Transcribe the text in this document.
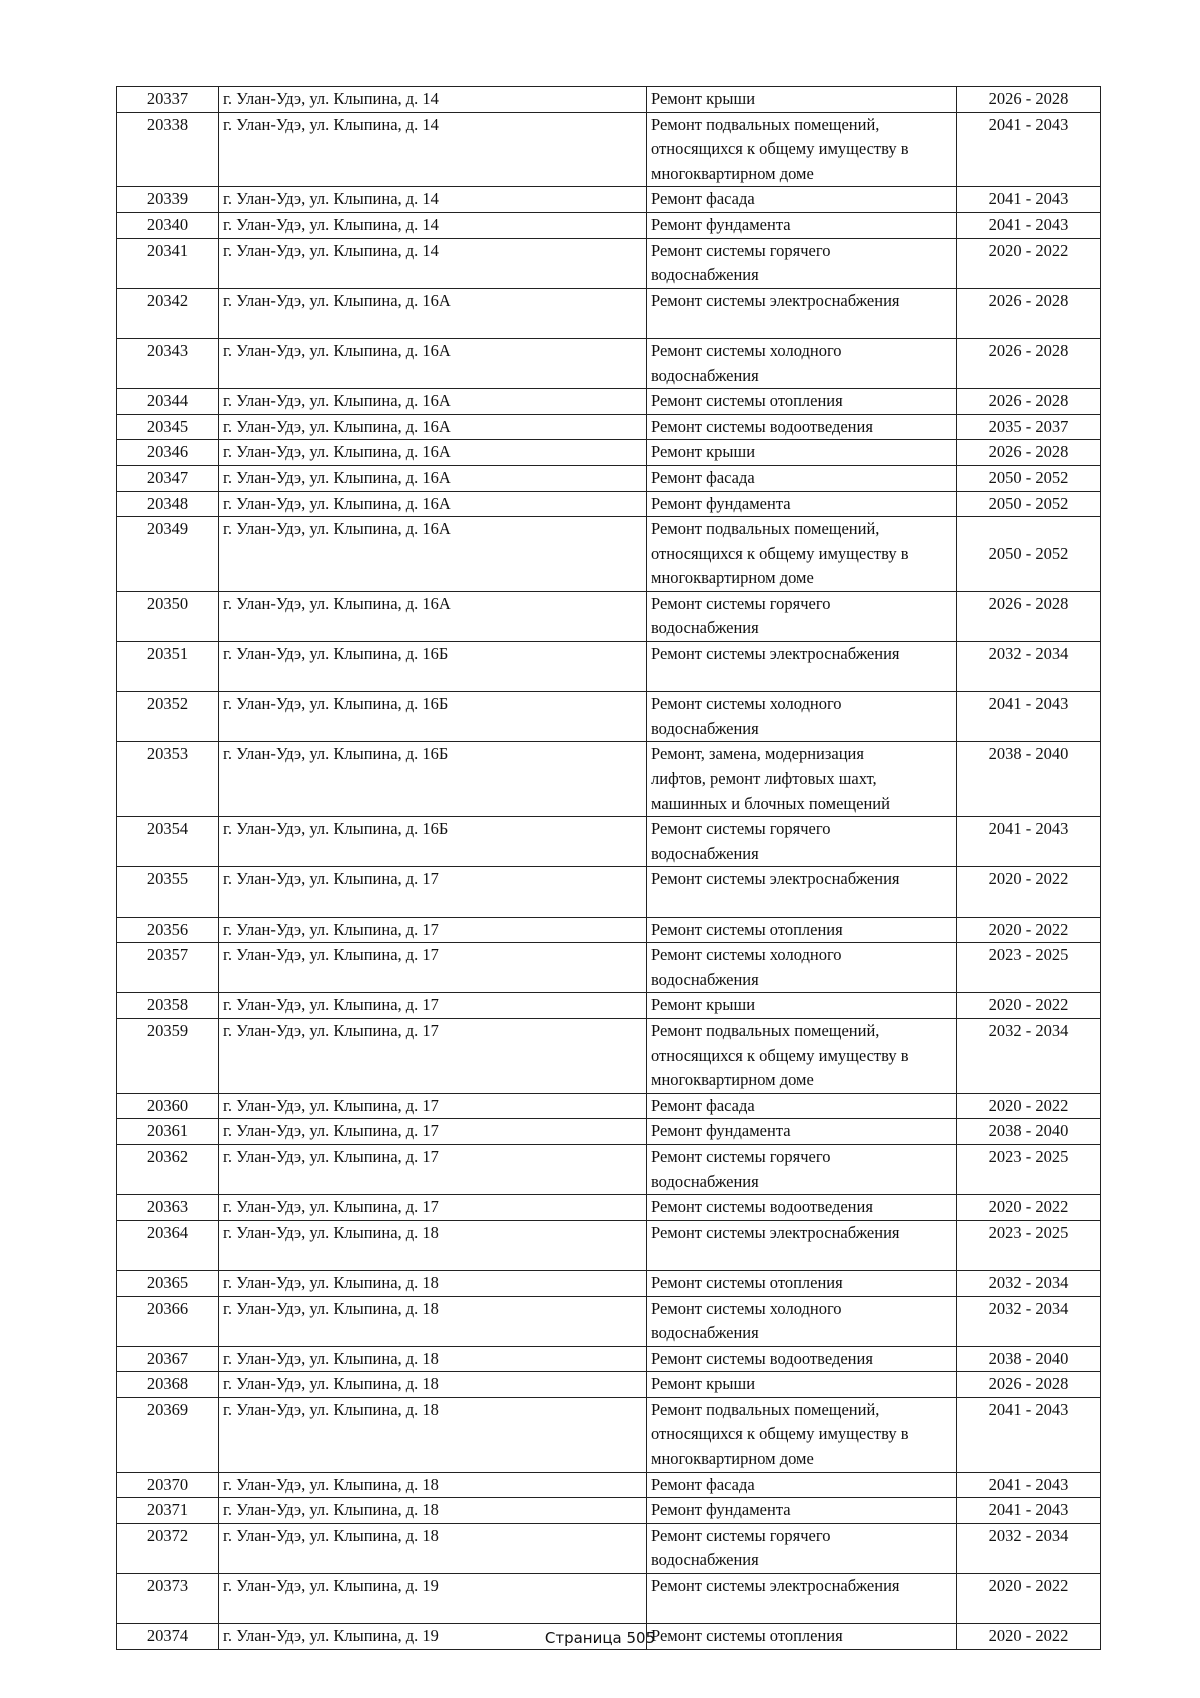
20337	г. Улан-Удэ, ул. Клыпина, д. 14	Ремонт крыши	2026 - 2028
20338	г. Улан-Удэ, ул. Клыпина, д. 14	Ремонт подвальных помещений,
относящихся к общему имуществу в
многоквартирном доме	2041 - 2043
20339	г. Улан-Удэ, ул. Клыпина, д. 14	Ремонт фасада	2041 - 2043
20340	г. Улан-Удэ, ул. Клыпина, д. 14	Ремонт фундамента	2041 - 2043
20341	г. Улан-Удэ, ул. Клыпина, д. 14	Ремонт системы горячего
водоснабжения	2020 - 2022
20342	г. Улан-Удэ, ул. Клыпина, д. 16А	Ремонт системы электроснабжения	2026 - 2028
20343	г. Улан-Удэ, ул. Клыпина, д. 16А	Ремонт системы холодного
водоснабжения	2026 - 2028
20344	г. Улан-Удэ, ул. Клыпина, д. 16А	Ремонт системы отопления	2026 - 2028
20345	г. Улан-Удэ, ул. Клыпина, д. 16А	Ремонт системы водоотведения	2035 - 2037
20346	г. Улан-Удэ, ул. Клыпина, д. 16А	Ремонт крыши	2026 - 2028
20347	г. Улан-Удэ, ул. Клыпина, д. 16А	Ремонт фасада	2050 - 2052
20348	г. Улан-Удэ, ул. Клыпина, д. 16А	Ремонт фундамента	2050 - 2052
20349	г. Улан-Удэ, ул. Клыпина, д. 16А	Ремонт подвальных помещений,
относящихся к общему имуществу в
многоквартирном доме	2050 - 2052
20350	г. Улан-Удэ, ул. Клыпина, д. 16А	Ремонт системы горячего
водоснабжения	2026 - 2028
20351	г. Улан-Удэ, ул. Клыпина, д. 16Б	Ремонт системы электроснабжения	2032 - 2034
20352	г. Улан-Удэ, ул. Клыпина, д. 16Б	Ремонт системы холодного
водоснабжения	2041 - 2043
20353	г. Улан-Удэ, ул. Клыпина, д. 16Б	Ремонт, замена, модернизация
лифтов, ремонт лифтовых шахт,
машинных и блочных помещений	2038 - 2040
20354	г. Улан-Удэ, ул. Клыпина, д. 16Б	Ремонт системы горячего
водоснабжения	2041 - 2043
20355	г. Улан-Удэ, ул. Клыпина, д. 17	Ремонт системы электроснабжения	2020 - 2022
20356	г. Улан-Удэ, ул. Клыпина, д. 17	Ремонт системы отопления	2020 - 2022
20357	г. Улан-Удэ, ул. Клыпина, д. 17	Ремонт системы холодного
водоснабжения	2023 - 2025
20358	г. Улан-Удэ, ул. Клыпина, д. 17	Ремонт крыши	2020 - 2022
20359	г. Улан-Удэ, ул. Клыпина, д. 17	Ремонт подвальных помещений,
относящихся к общему имуществу в
многоквартирном доме	2032 - 2034
20360	г. Улан-Удэ, ул. Клыпина, д. 17	Ремонт фасада	2020 - 2022
20361	г. Улан-Удэ, ул. Клыпина, д. 17	Ремонт фундамента	2038 - 2040
20362	г. Улан-Удэ, ул. Клыпина, д. 17	Ремонт системы горячего
водоснабжения	2023 - 2025
20363	г. Улан-Удэ, ул. Клыпина, д. 17	Ремонт системы водоотведения	2020 - 2022
20364	г. Улан-Удэ, ул. Клыпина, д. 18	Ремонт системы электроснабжения	2023 - 2025
20365	г. Улан-Удэ, ул. Клыпина, д. 18	Ремонт системы отопления	2032 - 2034
20366	г. Улан-Удэ, ул. Клыпина, д. 18	Ремонт системы холодного
водоснабжения	2032 - 2034
20367	г. Улан-Удэ, ул. Клыпина, д. 18	Ремонт системы водоотведения	2038 - 2040
20368	г. Улан-Удэ, ул. Клыпина, д. 18	Ремонт крыши	2026 - 2028
20369	г. Улан-Удэ, ул. Клыпина, д. 18	Ремонт подвальных помещений,
относящихся к общему имуществу в
многоквартирном доме	2041 - 2043
20370	г. Улан-Удэ, ул. Клыпина, д. 18	Ремонт фасада	2041 - 2043
20371	г. Улан-Удэ, ул. Клыпина, д. 18	Ремонт фундамента	2041 - 2043
20372	г. Улан-Удэ, ул. Клыпина, д. 18	Ремонт системы горячего
водоснабжения	2032 - 2034
20373	г. Улан-Удэ, ул. Клыпина, д. 19	Ремонт системы электроснабжения	2020 - 2022
20374	г. Улан-Удэ, ул. Клыпина, д. 19	Ремонт системы отопления	2020 - 2022
Страница 505
